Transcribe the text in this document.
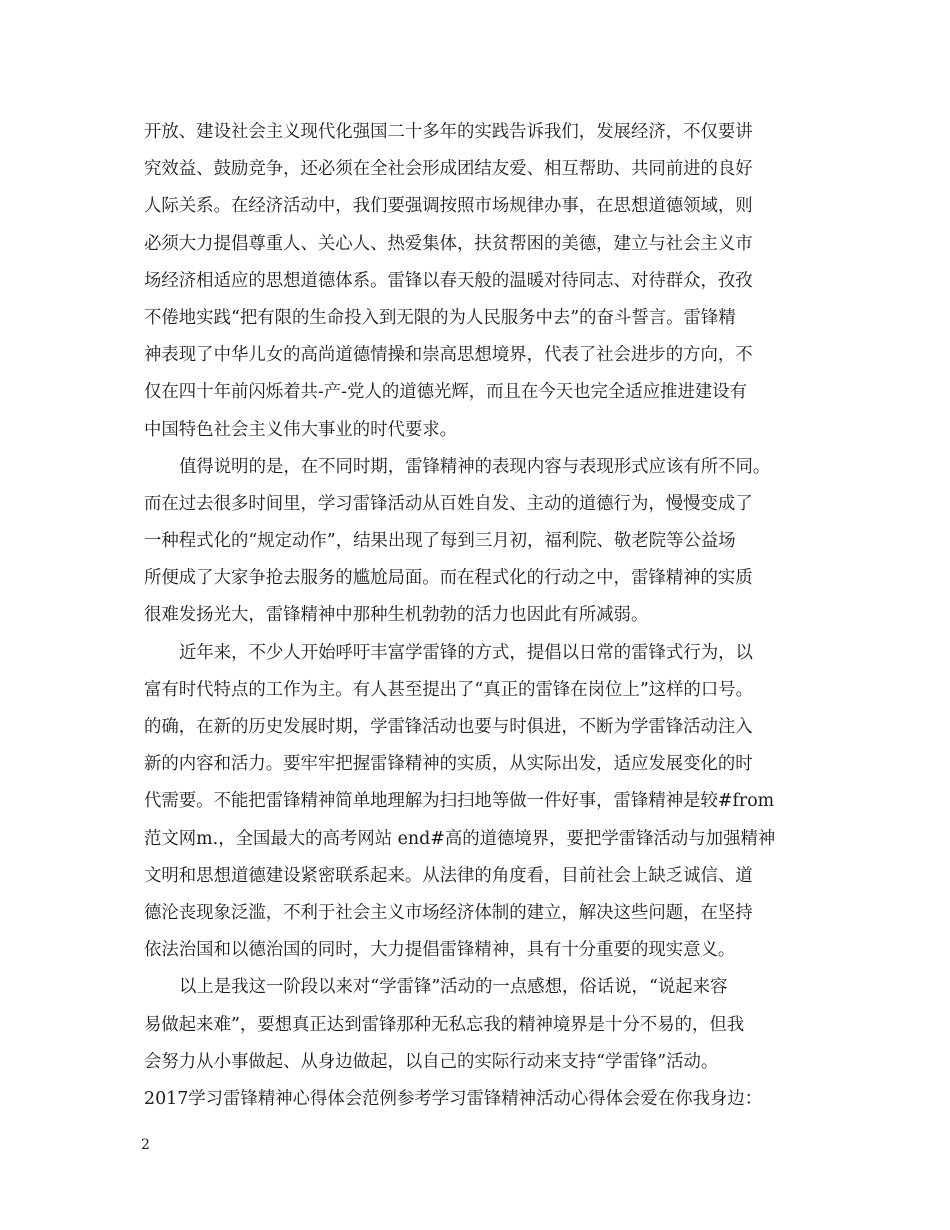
开放、建设社会主义现代化强国二十多年的实践告诉我们，发展经济，不仅要讲
究效益、鼓励竞争，还必须在全社会形成团结友爱、相互帮助、共同前进的良好
人际关系。在经济活动中，我们要强调按照市场规律办事，在思想道德领域，则
必须大力提倡尊重人、关心人、热爱集体，扶贫帮困的美德，建立与社会主义市
场经济相适应的思想道德体系。雷锋以春天般的温暖对待同志、对待群众，孜孜
不倦地实践“把有限的生命投入到无限的为人民服务中去”的奋斗誓言。雷锋精
神表现了中华儿女的高尚道德情操和崇高思想境界，代表了社会进步的方向，不
仅在四十年前闪烁着共-产-党人的道德光辉，而且在今天也完全适应推进建设有
中国特色社会主义伟大事业的时代要求。
值得说明的是，在不同时期，雷锋精神的表现内容与表现形式应该有所不同。
而在过去很多时间里，学习雷锋活动从百姓自发、主动的道德行为，慢慢变成了
一种程式化的“规定动作”，结果出现了每到三月初，福利院、敬老院等公益场
所便成了大家争抢去服务的尴尬局面。而在程式化的行动之中，雷锋精神的实质
很难发扬光大，雷锋精神中那种生机勃勃的活力也因此有所减弱。
近年来，不少人开始呼吁丰富学雷锋的方式，提倡以日常的雷锋式行为，以
富有时代特点的工作为主。有人甚至提出了“真正的雷锋在岗位上”这样的口号。
的确，在新的历史发展时期，学雷锋活动也要与时俱进，不断为学雷锋活动注入
新的内容和活力。要牢牢把握雷锋精神的实质，从实际出发，适应发展变化的时
代需要。不能把雷锋精神简单地理解为扫扫地等做一件好事，雷锋精神是较#from
范文网m.，全国最大的高考网站 end#高的道德境界，要把学雷锋活动与加强精神
文明和思想道德建设紧密联系起来。从法律的角度看，目前社会上缺乏诚信、道
德沦丧现象泛滥，不利于社会主义市场经济体制的建立，解决这些问题，在坚持
依法治国和以德治国的同时，大力提倡雷锋精神，具有十分重要的现实意义。
以上是我这一阶段以来对“学雷锋”活动的一点感想，俗话说，“说起来容
易做起来难”，要想真正达到雷锋那种无私忘我的精神境界是十分不易的，但我
会努力从小事做起、从身边做起，以自己的实际行动来支持“学雷锋”活动。
2017学习雷锋精神心得体会范例参考学习雷锋精神活动心得体会爱在你我身边：
2
